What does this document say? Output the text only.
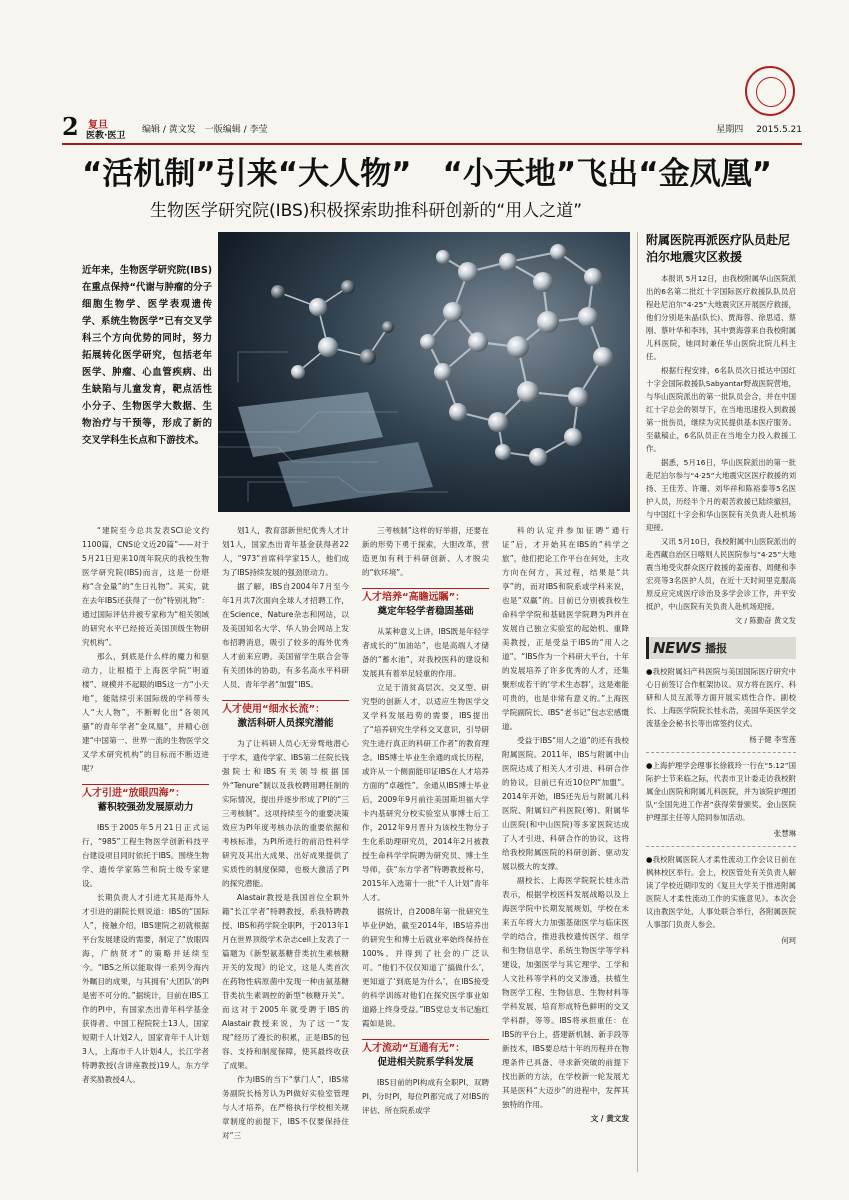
2 复旦
医教·医卫
编辑 / 黄文发　一版编辑 / 李莹	星期四 2015.5.21
“活机制”引来“大人物”　“小天地”飞出“金凤凰”
生物医学研究院(IBS)积极探索助推科研创新的“用人之道”
近年来，生物医学研究院(IBS)在重点保持“代谢与肿瘤的分子细胞生物学、医学表观遗传学、系统生物医学”已有交叉学科三个方向优势的同时，努力拓展转化医学研究，包括老年医学、肿瘤、心血管疾病、出生缺陷与儿童发育，靶点活性小分子、生物医学大数据、生物治疗与干预等，形成了新的交叉学科生长点和下游技术。

“建院至今总共发表SCI论文约1100篇，CNS论文近20篇”——对于5月21日迎来10周年院庆的我校生物医学研究院(IBS)而言，这是一份堪称“含金量”的“生日礼物”。其实，就在去年IBS还获得了一份“特别礼物”：通过国际评估并被专家称为“相关领域的研究水平已经接近美国顶级生物研究机构”。

那么，到底是什么样的魔力和驱动力，让根植于上海医学院“明道楼”、规模并不起眼的IBS这一方“小天地”，能陆续引来国际级的学科带头人“大人物”，不断孵化出“各领风骚”的青年学者“金凤凰”，并精心创建“中国第一、世界一流的生物医学交叉学术研究机构”的目标而不断迈进呢？

人才引进“放眼四海”：
蓄积较强劲发展原动力

IBS于2005年5月21日正式运行，“985”工程生物医学创新科技平台建设项目同时依托于IBS。围绕生物学、遗传学家陈竺和院士级专家建设。

长期负责人才引进尤其是海外人才引进的副院长则说道：IBS的“国际人”，接触介绍，IBS建院之初就根据平台发展建设的需要，制定了“放眼四海，广纳贤才”的策略并延续至今。“IBS之所以能取得一系列令海内外瞩目的成果，与其拥有‘大团队’的PI是密不可分的。”据统计，目前在IBS工作的PI中，有国家杰出青年科学基金获得者、中国工程院院士13人，国家短期千人计划2人，国家青年千人计划3人，上海市千人计划4人，长江学者特聘教授(含讲座教授)19人，东方学者奖励教授4人。

划1人，教育部新世纪优秀人才计划1人，国家杰出青年基金获得者22人，“973”首席科学家15人，他们成为了IBS持续发展的强劲原动力。

据了解，IBS自2004年7月至今年1月共7次面向全球人才招聘工作，在Science、Nature杂志和网站，以及美国知名大学、华人协会网站上发布招聘消息，吸引了较多的海外优秀人才前来应聘。美国留学生联合会等有关团体的协助，有多名高水平科研人员、青年学者“加盟”IBS。

人才使用“细水长流”：
激活科研人员探究潜能

为了让科研人员心无旁骛地潜心于学术，遗传学家、IBS第二任院长钱强院士和IBS有关领导根据国外“Tenure”制以及我校聘用聘任制的实际情况，提出并逐步形成了PI的“三三考核制”。这项持续至今的重要决策效应为PI年度考核办法的重要依据和考核标准，为PI所进行的前沿性科学研究及其出大成果、出好成果提供了实质性的制度保障，也极大激活了PI的探究潜能。

Alastair教授是我国首位全职外籍“长江学者”特聘教授，系我特聘教授、IBS和药学院全职PI，于2013年1月在世界顶级学术杂志cell上发表了一篇题为《新型氨基糖苷类抗生素核糖开关的发现》的论文，这是人类首次在药物性病原菌中发现一种由氨基糖苷类抗生素调控的新型“核糖开关”。而这对于2005年就受聘于IBS的Alastair教授来说，为了这一“发现”经历了漫长的积累，正是IBS的包容、支持和制度保障，使其最终收获了成果。

作为IBS的当下“掌门人”，IBS常务副院长杨芳认为PI做好实验室管理与人才培养，在严格执行学校相关规章制度的前提下，IBS不仅要保持住对“三

三考核制”这样的好举措，还要在新的形势下勇于探索，大胆改革，营造更加有利于科研创新、人才脱尖的“软环境”。

人才培养“高瞻远瞩”：
奠定年轻学者稳固基础

从某种意义上讲，IBS既是年轻学者成长的“加油站”，也是高端人才储备的“蓄水池”，对我校医科的建设和发展具有着举足轻重的作用。

立足于清贫高层次、交叉型、研究型的创新人才，以适应生物医学交叉学科发展趋势的需要，IBS提出了“培养研究生学科交叉意识，引导研究生进行真正的科研工作者”的教育理念。IBS博士毕业生余通的成长历程，或许从一个侧面能印证IBS在人才培养方面的“卓越性”。余通从IBS博士毕业后，2009年9月前往美国斯坦福大学卡内基研究分校实验室从事博士后工作，2012年9月晋升为该校生物分子生化系助理研究员，2014年2月被教授生命科学学院聘为研究员、博士生导师，获“东方学者”特聘教授称号，2015年入选第十一批“千人计划”青年人才。

据统计，自2008年第一批研究生毕业伊始，截至2014年，IBS培养出的研究生和博士后就业率始终保持在100%。并得到了社会的广泛认可。“他们不仅仅知道了‘搞做什么’，更知道了‘到底是为什么’，在IBS接受的科学训练对他们在探究医学事业如道路上终身受益。”IBS党总支书记施红霞如是说。

人才流动“互通有无”：
促进相关院系学科发展

IBS目前的PI构成有全职PI、双聘PI、分时PI，每位PI都完成了对IBS的评估、所在院系或学

科的认定并参加征聘“通行证”后，才开始其在IBS的“科学之旅”，他们把论工作平台在何处，主攻方向在何方，其过程，结果是“共享”的，而对IBS和院系或学科来说，也是“双赢”的。目前已分别被我校生命科学学院和基础医学院聘为PI并在发展自己独立实验室的起始机、重降美教授，正是受益于IBS的“用人之道”。“IBS作为一个科研大平台，十年的发展培养了许多优秀的人才，还集聚形成若干的‘学术生态群’，这是难能可贵的，也是非常有意义的。”上海医学院副院长、IBS“老书记”包志宏感慨道。

受益于IBS“用人之道”的还有我校附属医院。2011年，IBS与附属中山医院达成了相关人才引进、科研合作的协议，目前已有近10位PI“加盟”。2014年开始，IBS还先后与附属儿科医院、附属妇产科医院(筹)、附属华山医院(和中山医院)等多家医院达成了人才引进、科研合作的协议，这将给我校附属医院的科研创新、驱动发展以极大的支撑。

副校长、上海医学院院长桂永浩表示，根据学校医科发展战略以及上海医学院中长期发展规划，学校在未来五年将大力加强基础医学与临床医学的结合，推进我校遗传医学、组学和生物信息学、系统生物医学等学科建设，加强医学与其它理学、工学和人文社科等学科的交叉渗透，扶植生物医学工程、生物信息、生物材料等学科发展，培育形成特色鲜明的交叉学科群，等等。IBS将承担重任：在IBS的平台上，搭建新机制、新手段等新技术，IBS要总结十年的历程并在物理条件已具备、寻求新突破的前提下找出新的方法，在学校新一轮发展尤其是医科“大迈步”的进程中，发挥其独特的作用。

文 / 黄文发
附属医院再派医疗队员赴尼泊尔地震灾区救援

本报讯 5月12日，由我校附属华山医院派出的6名第二批红十字国际医疗救援队队员启程赴尼泊尔“4·25”大地震灾区开展医疗救援，他们分别是朱晶(队长)、贾海蓉、徐思适、蔡刚、蔡叶华和李玮，其中贾海蓉来自我校附属儿科医院，她同时兼任华山医院北院儿科主任。

根据行程安排，6名队员次日抵达中国红十字会国际救援队Sabyantar野战医院营地，与华山医院派出的第一批队员会合，并在中国红十字总会的领导下，在当地迅速投入到救援第一批伤员，继续为灾民提供基本医疗服务。至截稿止，6名队员正在当地全力投入救援工作。

据悉，5月16日，华山医院派出的第一批赴尼泊尔参与“4·25”大地震灾区医疗救援的刘扬、王佳芳、许珊、刘华祥和陈裕泰等5名医护人员，历经半个月的艰苦救援已陆续撤回，与中国红十字会和华山医院有关负责人赴机场迎接。

又讯 5月10日，我校附属中山医院派出的赴西藏自治区日喀则人民医院参与“4·25”大地震当地受灾群众医疗救援的姜南春、周健和李宏亮等3名医护人员，在近十天时间里克服高原反应完成医疗诊治及多学会诊工作，并平安抵沪，中山医院有关负责人赴机场迎接。

文 / 陈勤奋 黄文发
NEWS 播报
●我校附属妇产科医院与美国国际医疗研究中心日前签订合作框架协议。双方将在医疗、科研和人员互派等方面开展实质性合作。副校长、上海医学院院长桂永浩，美国华美医学交流基金会秘书长等出席签约仪式。
杨子健 李雪莲
●上海护理学会理事长徐筱玲一行在“5.12”国际护士节来临之际，代表市卫计委走访我校附属金山医院和附属儿科医院，并为该院护理团队“全国先进工作者”获得荣誉颁奖。金山医院护理部主任等人陪同参加活动。
张慧琳
●我校附属医院人才柔性流动工作会议日前在枫林校区举行。会上，校医管处有关负责人解读了学校近期印发的《复旦大学关于推进附属医院人才柔性流动工作的实施意见》。本次会议由教医学处、人事处联合举行，各附属医院人事部门负责人参会。
何珂
